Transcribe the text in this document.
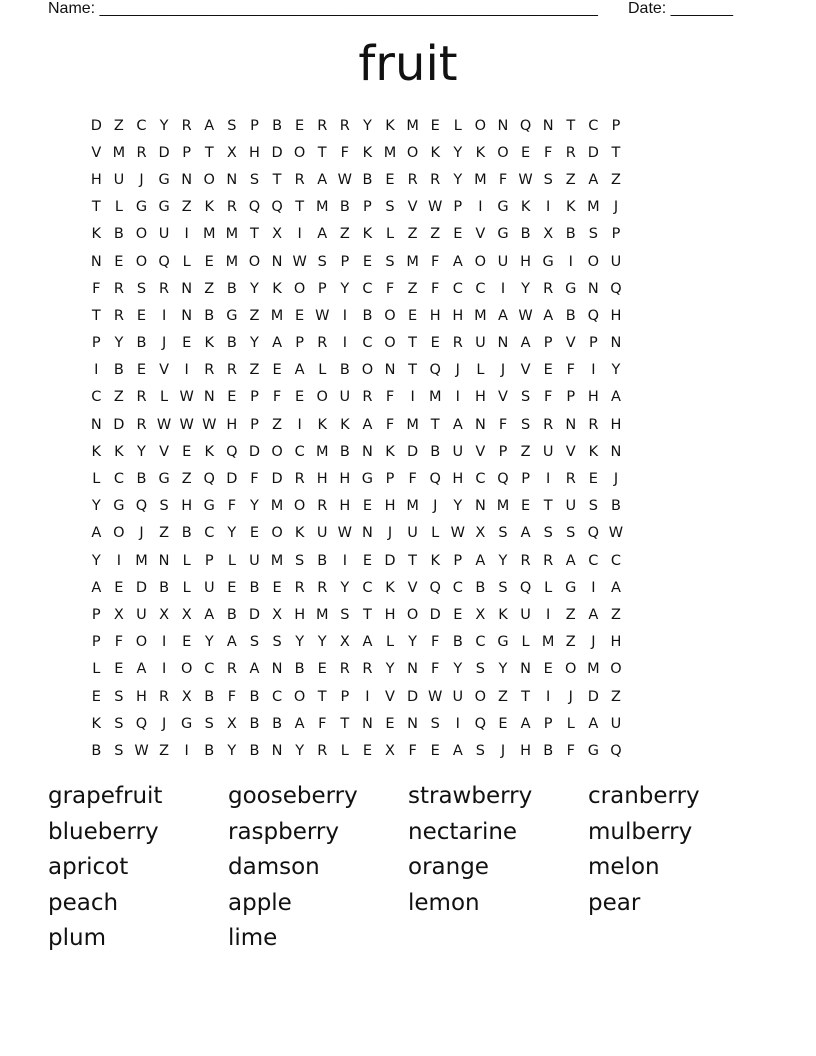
Name: ________________________________________________________ Date: _______
fruit
D Z C Y R A S P B E R R Y K M E L O N Q N T C P
V M R D P T X H D O T F K M O K Y K O E F R D T
H U	J	G N O N S T R A W B E R R Y M F W S Z A Z
T L G G Z K R Q Q T M B P S V W P	I	G K	I	K M J
K B O U	I M M T X	I	A Z K L Z Z E V G B X B S P
N E O Q L E M O N W S P E S M F A O U H G	I	O U
F R S R N Z B Y K O P Y C F Z F C C	I	Y R G N Q
T R E	I	N B G Z M E W I	B O E H H M A W A B Q H
P Y B	J	E K B Y A P R	I	C O T E R U N A P V P N
I	B E V	I	R R Z E A L B O N T Q	J	L	J	V E F	I	Y
C Z R L W N E P F E O U R F	I M I	H V S F P H A
N D R W W W H P Z	I	K K A F M T A N F S R N R H
K K Y V E K Q D O C M B N K D B U V P Z U V K N
L C B G Z Q D F D R H H G P F Q H C Q P	I	R E	J
Y G Q S H G F Y M O R H E H M J	Y N M E T U S B
A O	J	Z B C Y E O K U W N	J	U L W X S A S S Q W
Y	I M N L P L U M S B	I	E D T K P A Y R R A C C
A E D B L U E B E R R Y C K V Q C B S Q L G	I	A
P X U X X A B D X H M S T H O D E X K U	I	Z A Z
P F O	I	E Y A S S Y Y X A L Y F B C G L M Z	J	H
L E A	I	O C R A N B E R R Y N F Y S Y N E O M O
E S H R X B F B C O T P	I	V D W U O Z T	I	J	D Z
K S Q	J	G S X B B A F T N E N S	I	Q E A P L A U
B S W Z	I	B Y B N Y R L E X F E A S	J	H B F G Q
grapefruit	gooseberry	strawberry	cranberry
blueberry	raspberry	nectarine	mulberry
apricot	damson	orange	melon
peach	apple	lemon	pear
plum	lime
